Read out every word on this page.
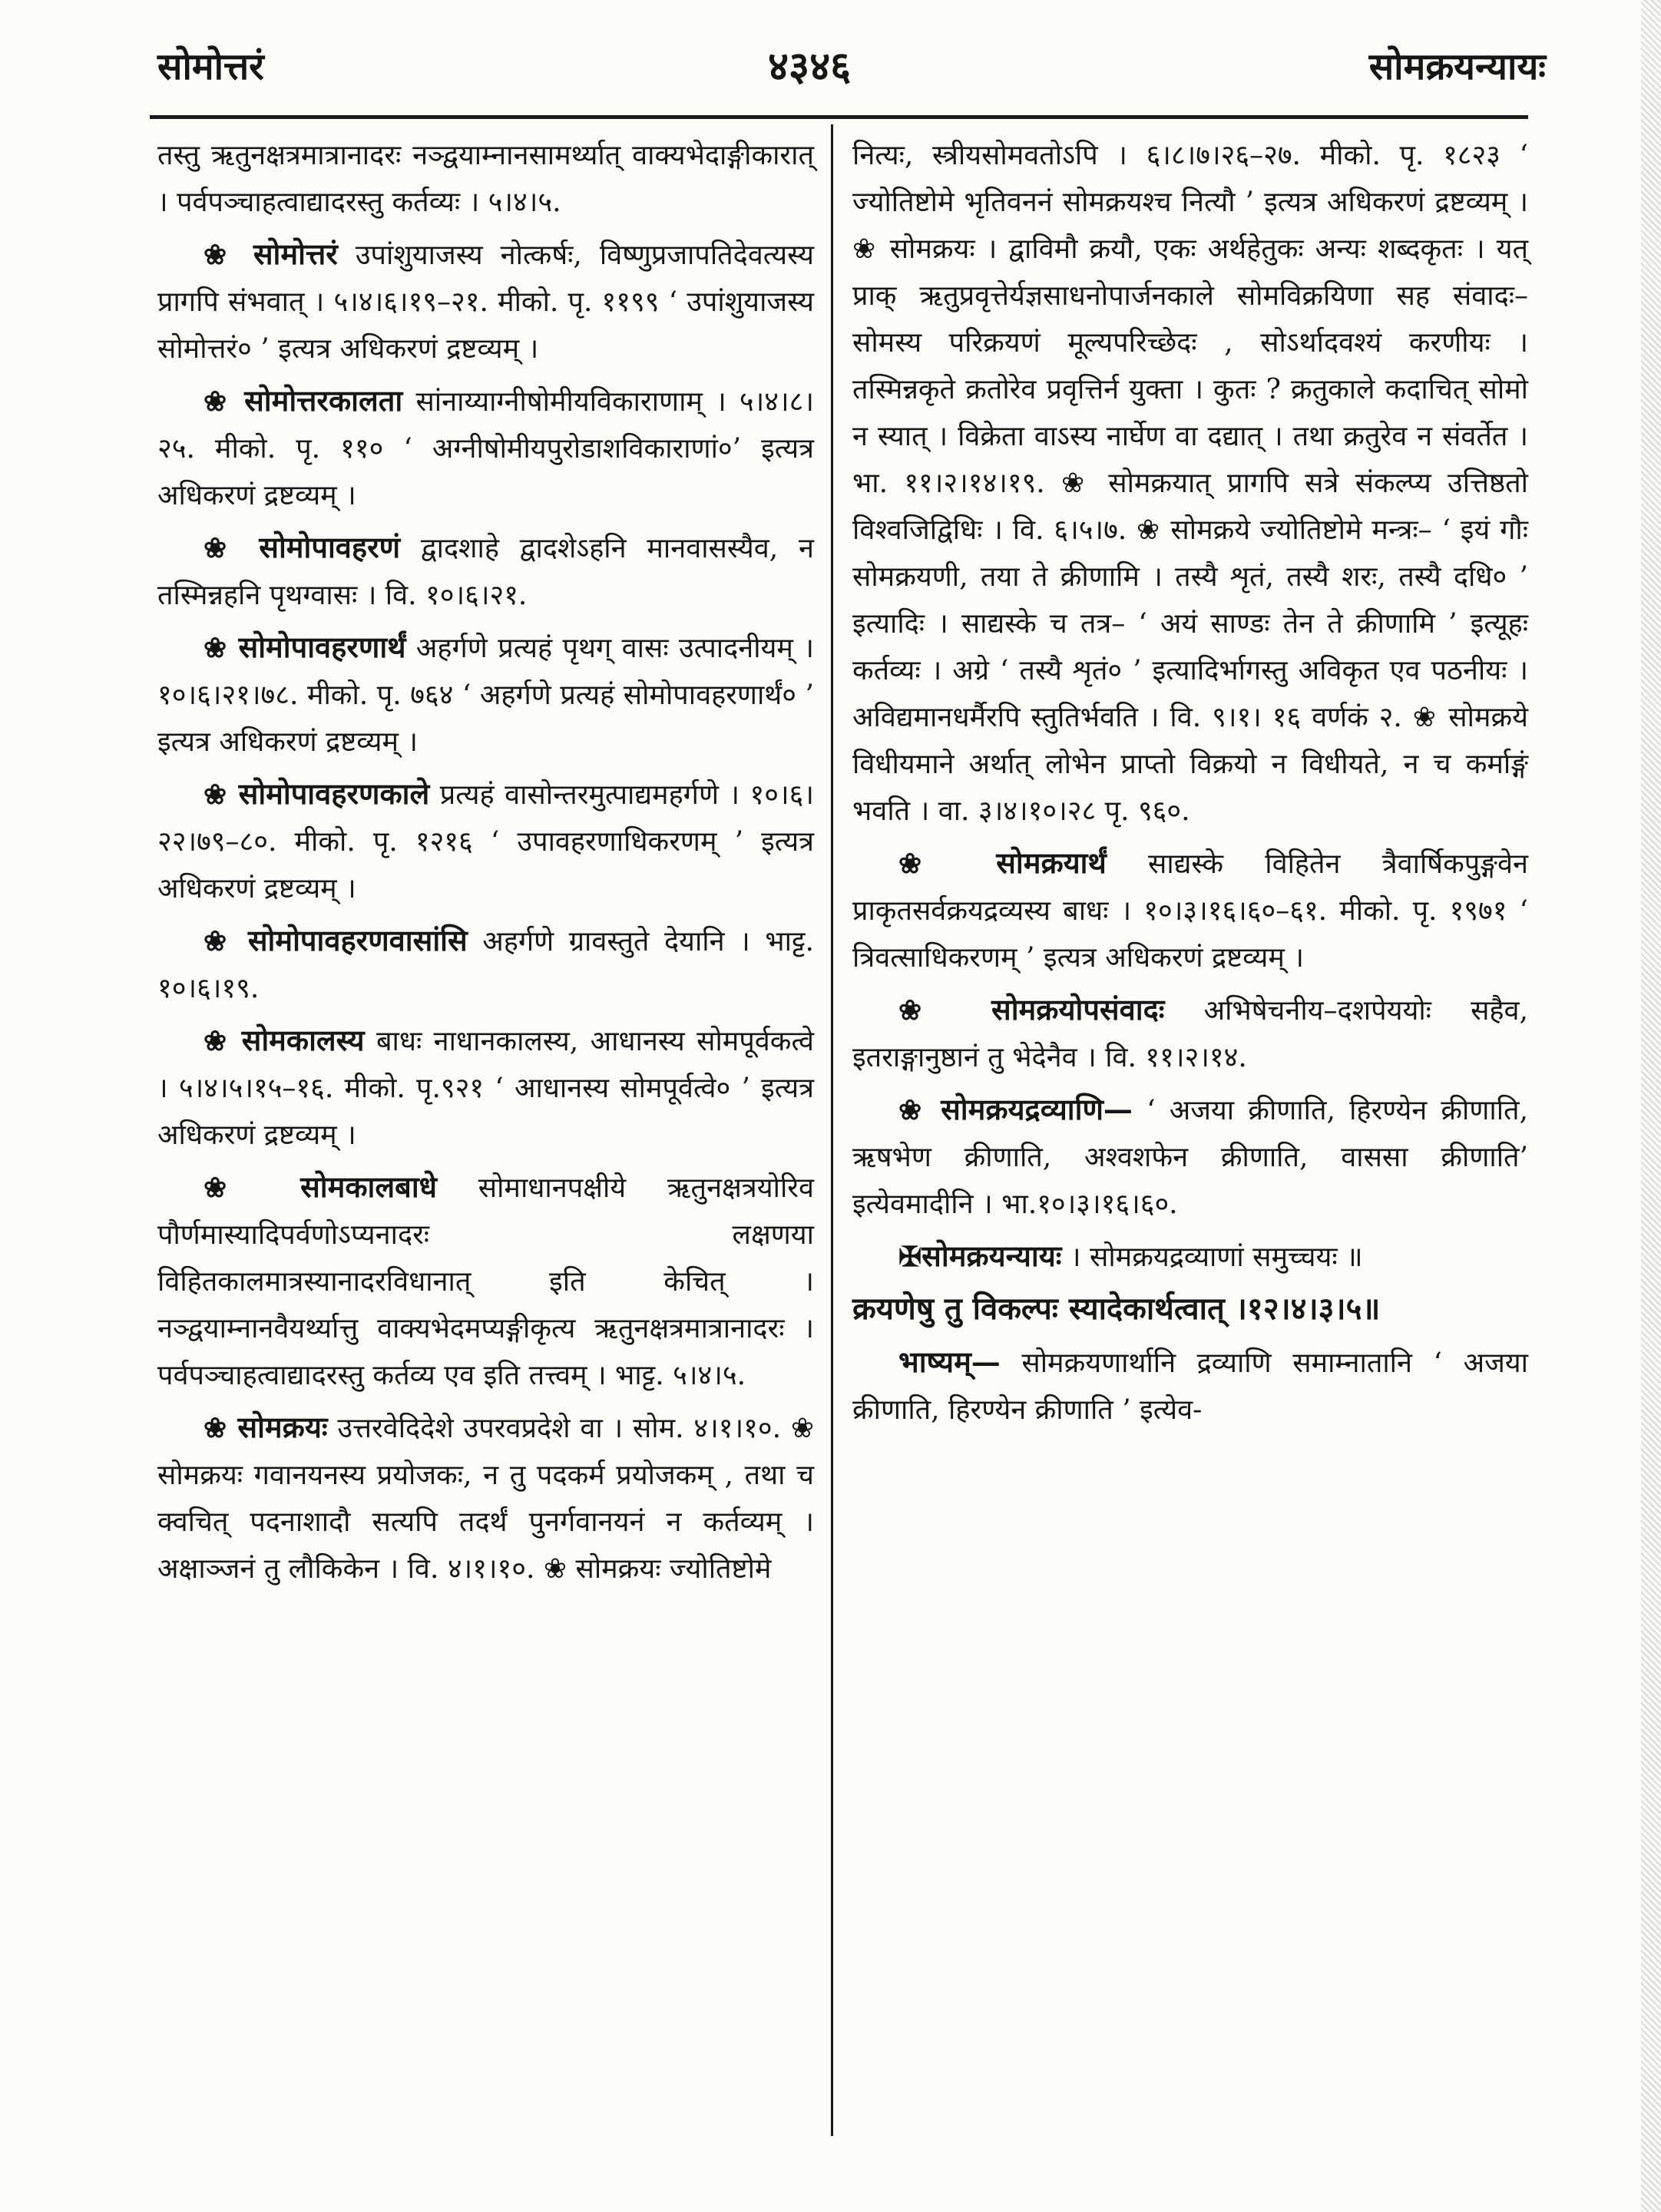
सोमोत्तरं	४३४६	सोमक्रयन्यायः

तस्तु ऋतुनक्षत्रमात्रानादरः नञ्द्वयाम्नानसामर्थ्यात् वाक्यभेदाङ्गीकारात् । पर्वपञ्चाहत्वाद्यादरस्तु कर्तव्यः । ५।४।५.

❀ सोमोत्तरं उपांशुयाजस्य नोत्कर्षः, विष्णुप्रजापतिदेवत्यस्य प्रागपि संभवात् । ५।४।६।१९–२१. मीको. पृ. ११९९ ‘ उपांशुयाजस्य सोमोत्तरं० ’ इत्यत्र अधिकरणं द्रष्टव्यम् ।

❀ सोमोत्तरकालता सांनाय्याग्नीषोमीयविकाराणाम् । ५।४।८।२५. मीको. पृ. ११० ‘ अग्नीषोमीयपुरोडाशविकाराणां०’ इत्यत्र अधिकरणं द्रष्टव्यम् ।

❀ सोमोपावहरणं द्वादशाहे द्वादशेऽहनि मानवासस्यैव, न तस्मिन्नहनि पृथग्वासः । वि. १०।६।२१.

❀ सोमोपावहरणार्थं अहर्गणे प्रत्यहं पृथग् वासः उत्पादनीयम् । १०।६।२१।७८. मीको. पृ. ७६४ ‘ अहर्गणे प्रत्यहं सोमोपावहरणार्थं० ’ इत्यत्र अधिकरणं द्रष्टव्यम् ।

❀ सोमोपावहरणकाले प्रत्यहं वासोन्तरमुत्पाद्यमहर्गणे । १०।६।२२।७९–८०. मीको. पृ. १२१६ ‘ उपावहरणाधिकरणम् ’ इत्यत्र अधिकरणं द्रष्टव्यम् ।

❀ सोमोपावहरणवासांसि अहर्गणे ग्रावस्तुते देयानि । भाट्ट. १०।६।१९.

❀ सोमकालस्य बाधः नाधानकालस्य, आधानस्य सोमपूर्वकत्वे । ५।४।५।१५–१६. मीको. पृ.९२१ ‘ आधानस्य सोमपूर्वत्वे० ’ इत्यत्र अधिकरणं द्रष्टव्यम् ।

❀ सोमकालबाधे सोमाधानपक्षीये ऋतुनक्षत्रयोरिव पौर्णमास्यादिपर्वणोऽप्यनादरः लक्षणया विहितकालमात्रस्यानादरविधानात् इति केचित् । नञ्द्वयाम्नानवैयर्थ्यात्तु वाक्यभेदमप्यङ्गीकृत्य ऋतुनक्षत्रमात्रानादरः । पर्वपञ्चाहत्वाद्यादरस्तु कर्तव्य एव इति तत्त्वम् । भाट्ट. ५।४।५.

❀ सोमक्रयः उत्तरवेदिदेशे उपरवप्रदेशे वा । सोम. ४।१।१०. ❀ सोमक्रयः गवानयनस्य प्रयोजकः, न तु पदकर्म प्रयोजकम् , तथा च क्वचित् पदनाशादौ सत्यपि तदर्थं पुनर्गवानयनं न कर्तव्यम् । अक्षाञ्जनं तु लौकिकेन । वि. ४।१।१०. ❀ सोमक्रयः ज्योतिष्टोमे

नित्यः, स्त्रीयसोमवतोऽपि । ६।८।७।२६–२७. मीको. पृ. १८२३ ‘ ज्योतिष्टोमे भृतिवननं सोमक्रयश्च नित्यौ ’ इत्यत्र अधिकरणं द्रष्टव्यम् । ❀ सोमक्रयः । द्वाविमौ क्रयौ, एकः अर्थहेतुकः अन्यः शब्दकृतः । यत् प्राक् ऋतुप्रवृत्तेर्यज्ञसाधनोपार्जनकाले सोमविक्रयिणा सह संवादः– सोमस्य परिक्रयणं मूल्यपरिच्छेदः , सोऽर्थादवश्यं करणीयः । तस्मिन्नकृते क्रतोरेव प्रवृत्तिर्न युक्ता । कुतः ? क्रतुकाले कदाचित् सोमो न स्यात् । विक्रेता वाऽस्य नार्घेण वा दद्यात् । तथा क्रतुरेव न संवर्तेत । भा. ११।२।१४।१९. ❀ सोमक्रयात् प्रागपि सत्रे संकल्प्य उत्तिष्ठतो विश्वजिद्विधिः । वि. ६।५।७. ❀ सोमक्रये ज्योतिष्टोमे मन्त्रः– ‘ इयं गौः सोमक्रयणी, तया ते क्रीणामि । तस्यै शृतं, तस्यै शरः, तस्यै दधि० ’ इत्यादिः । साद्यस्के च तत्र– ‘ अयं साण्डः तेन ते क्रीणामि ’ इत्यूहः कर्तव्यः । अग्रे ‘ तस्यै शृतं० ’ इत्यादिर्भागस्तु अविकृत एव पठनीयः । अविद्यमानधर्मैरपि स्तुतिर्भवति । वि. ९।१। १६ वर्णकं २. ❀ सोमक्रये विधीयमाने अर्थात् लोभेन प्राप्तो विक्रयो न विधीयते, न च कर्माङ्गं भवति । वा. ३।४।१०।२८ पृ. ९६०.

❀ सोमक्रयार्थं साद्यस्के विहितेन त्रैवार्षिकपुङ्गवेन प्राकृतसर्वक्रयद्रव्यस्य बाधः । १०।३।१६।६०–६१. मीको. पृ. १९७१ ‘ त्रिवत्साधिकरणम् ’ इत्यत्र अधिकरणं द्रष्टव्यम् ।

❀ सोमक्रयोपसंवादः अभिषेचनीय–दशपेययोः सहैव, इतराङ्गानुष्ठानं तु भेदेनैव । वि. ११।२।१४.

❀ सोमक्रयद्रव्याणि— ‘ अजया क्रीणाति, हिरण्येन क्रीणाति, ऋषभेण क्रीणाति, अश्वशफेन क्रीणाति, वाससा क्रीणाति’ इत्येवमादीनि । भा.१०।३।१६।६०.

✠सोमक्रयन्यायः । सोमक्रयद्रव्याणां समुच्चयः ॥

क्रयणेषु तु विकल्पः स्यादेकार्थत्वात् ।१२।४।३।५॥

भाष्यम्— सोमक्रयणार्थानि द्रव्याणि समाम्नातानि ‘ अजया क्रीणाति, हिरण्येन क्रीणाति ’ इत्येव-
